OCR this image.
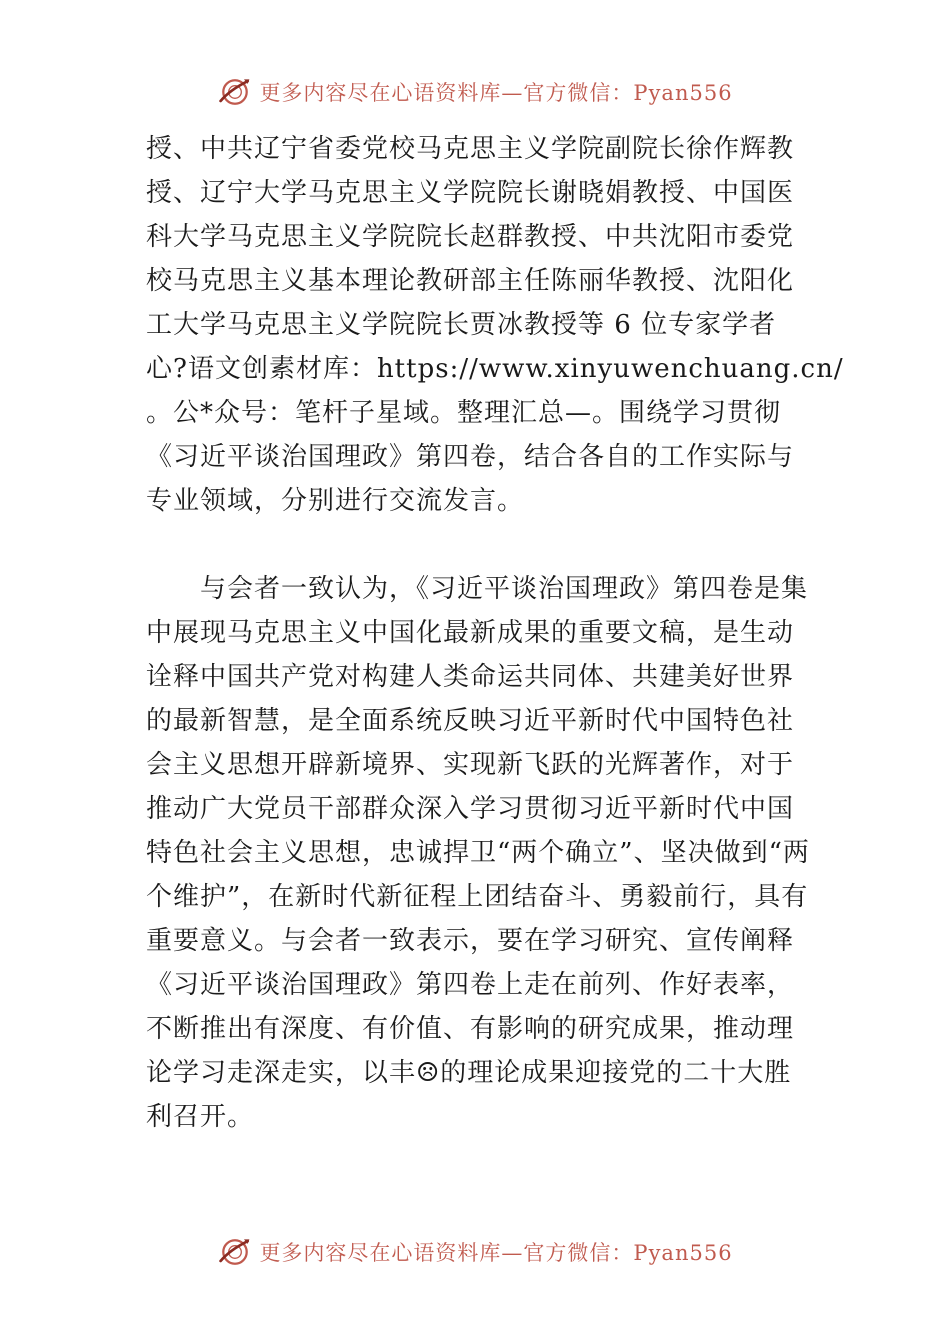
更多内容尽在心语资料库—官方微信：Pyan556
授、中共辽宁省委党校马克思主义学院副院长徐作辉教
授、辽宁大学马克思主义学院院长谢晓娟教授、中国医
科大学马克思主义学院院长赵群教授、中共沈阳市委党
校马克思主义基本理论教研部主任陈丽华教授、沈阳化
工大学马克思主义学院院长贾冰教授等 6 位专家学者
心?语文创素材库：https://www.xinyuwenchuang.cn/
。公*众号：笔杆子星域。整理汇总—。围绕学习贯彻
《习近平谈治国理政》第四卷，结合各自的工作实际与
专业领域，分别进行交流发言。
与会者一致认为，《习近平谈治国理政》第四卷是集
中展现马克思主义中国化最新成果的重要文稿，是生动
诠释中国共产党对构建人类命运共同体、共建美好世界
的最新智慧，是全面系统反映习近平新时代中国特色社
会主义思想开辟新境界、实现新飞跃的光辉著作，对于
推动广大党员干部群众深入学习贯彻习近平新时代中国
特色社会主义思想，忠诚捍卫“两个确立”、坚决做到“两
个维护”，在新时代新征程上团结奋斗、勇毅前行，具有
重要意义。与会者一致表示，要在学习研究、宣传阐释
《习近平谈治国理政》第四卷上走在前列、作好表率，
不断推出有深度、有价值、有影响的研究成果，推动理
论学习走深走实，以丰☹的理论成果迎接党的二十大胜
利召开。
更多内容尽在心语资料库—官方微信：Pyan556
